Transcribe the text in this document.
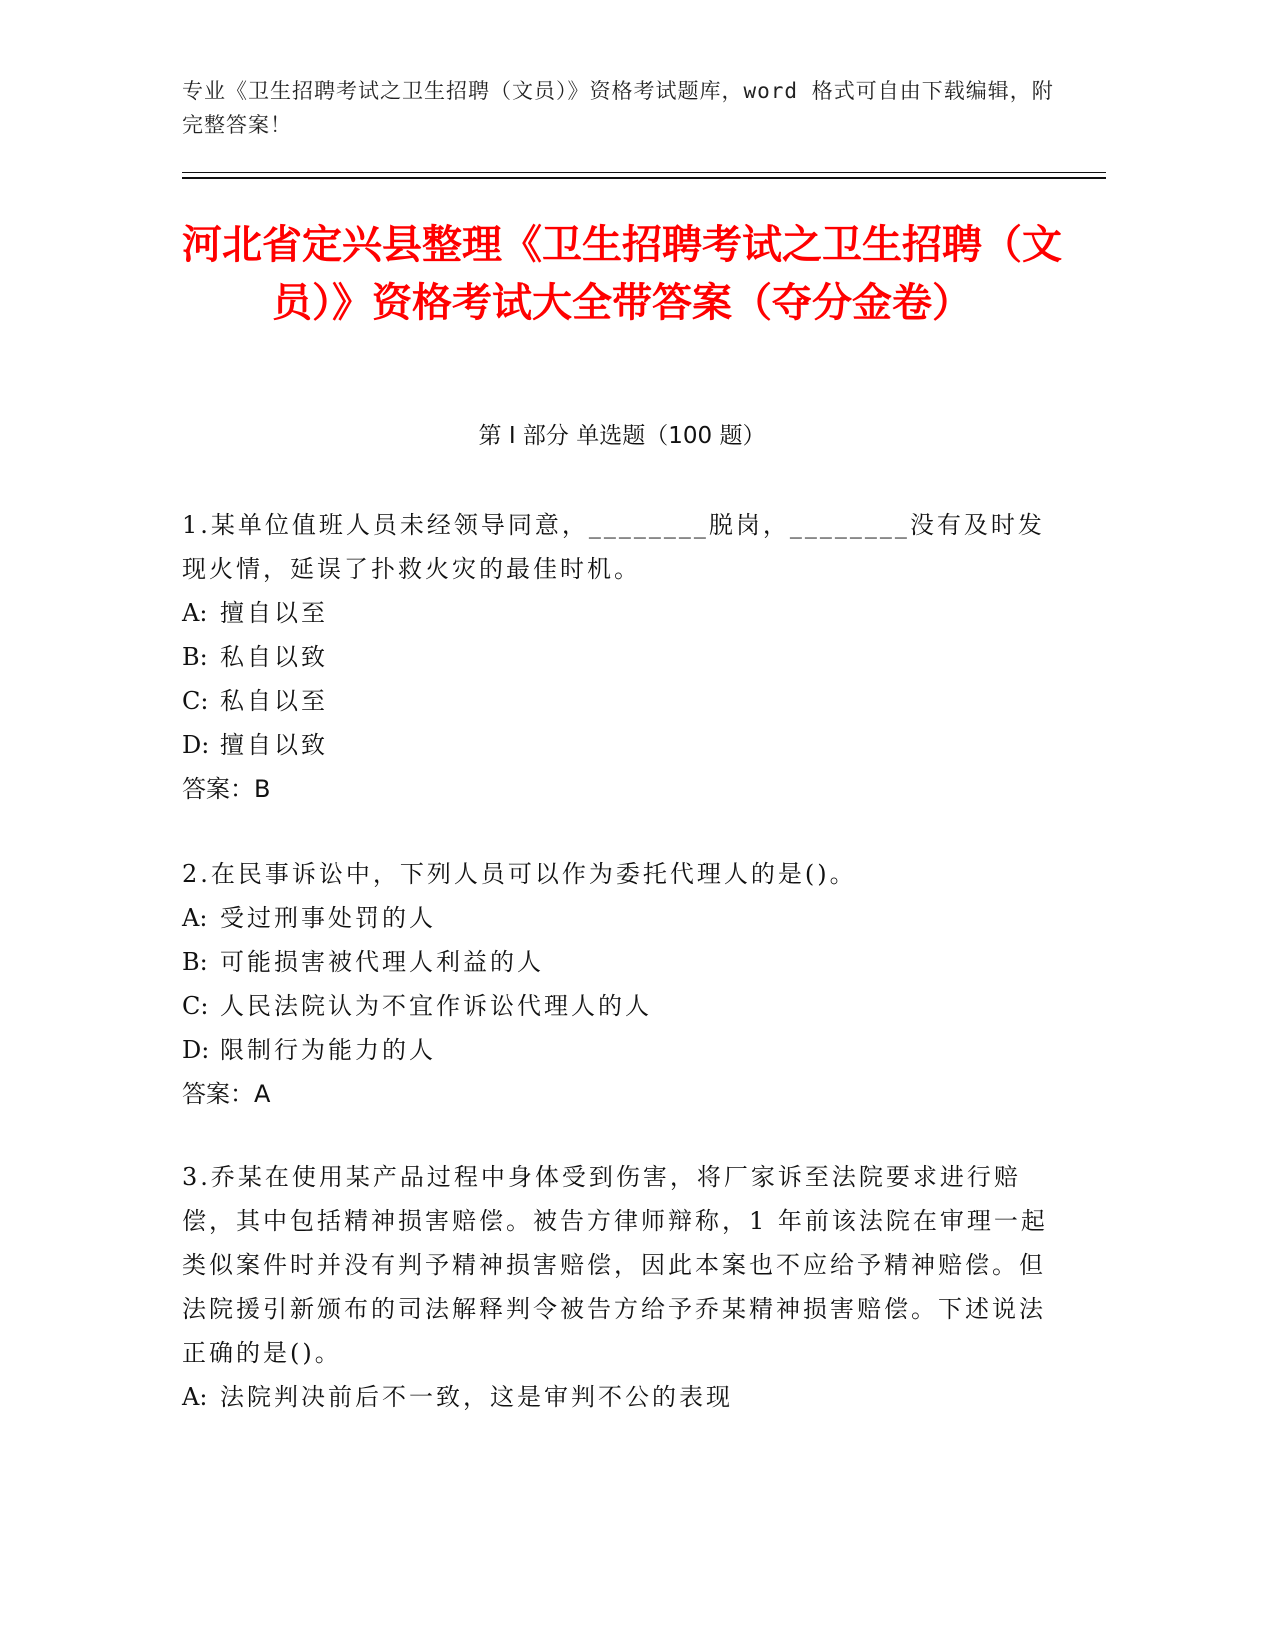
专业《卫生招聘考试之卫生招聘（文员）》资格考试题库，word 格式可自由下载编辑，附完整答案！
河北省定兴县整理《卫生招聘考试之卫生招聘（文员）》资格考试大全带答案（夺分金卷）
第 I 部分 单选题（100 题）

1.某单位值班人员未经领导同意，________脱岗，________没有及时发现火情，延误了扑救火灾的最佳时机。

A: 擅自以至
B: 私自以致
C: 私自以至
D: 擅自以致

答案：B

2.在民事诉讼中，下列人员可以作为委托代理人的是()。

A: 受过刑事处罚的人
B: 可能损害被代理人利益的人
C: 人民法院认为不宜作诉讼代理人的人
D: 限制行为能力的人

答案：A

3.乔某在使用某产品过程中身体受到伤害，将厂家诉至法院要求进行赔偿，其中包括精神损害赔偿。被告方律师辩称，1 年前该法院在审理一起类似案件时并没有判予精神损害赔偿，因此本案也不应给予精神赔偿。但法院援引新颁布的司法解释判令被告方给予乔某精神损害赔偿。下述说法正确的是()。

A: 法院判决前后不一致，这是审判不公的表现
